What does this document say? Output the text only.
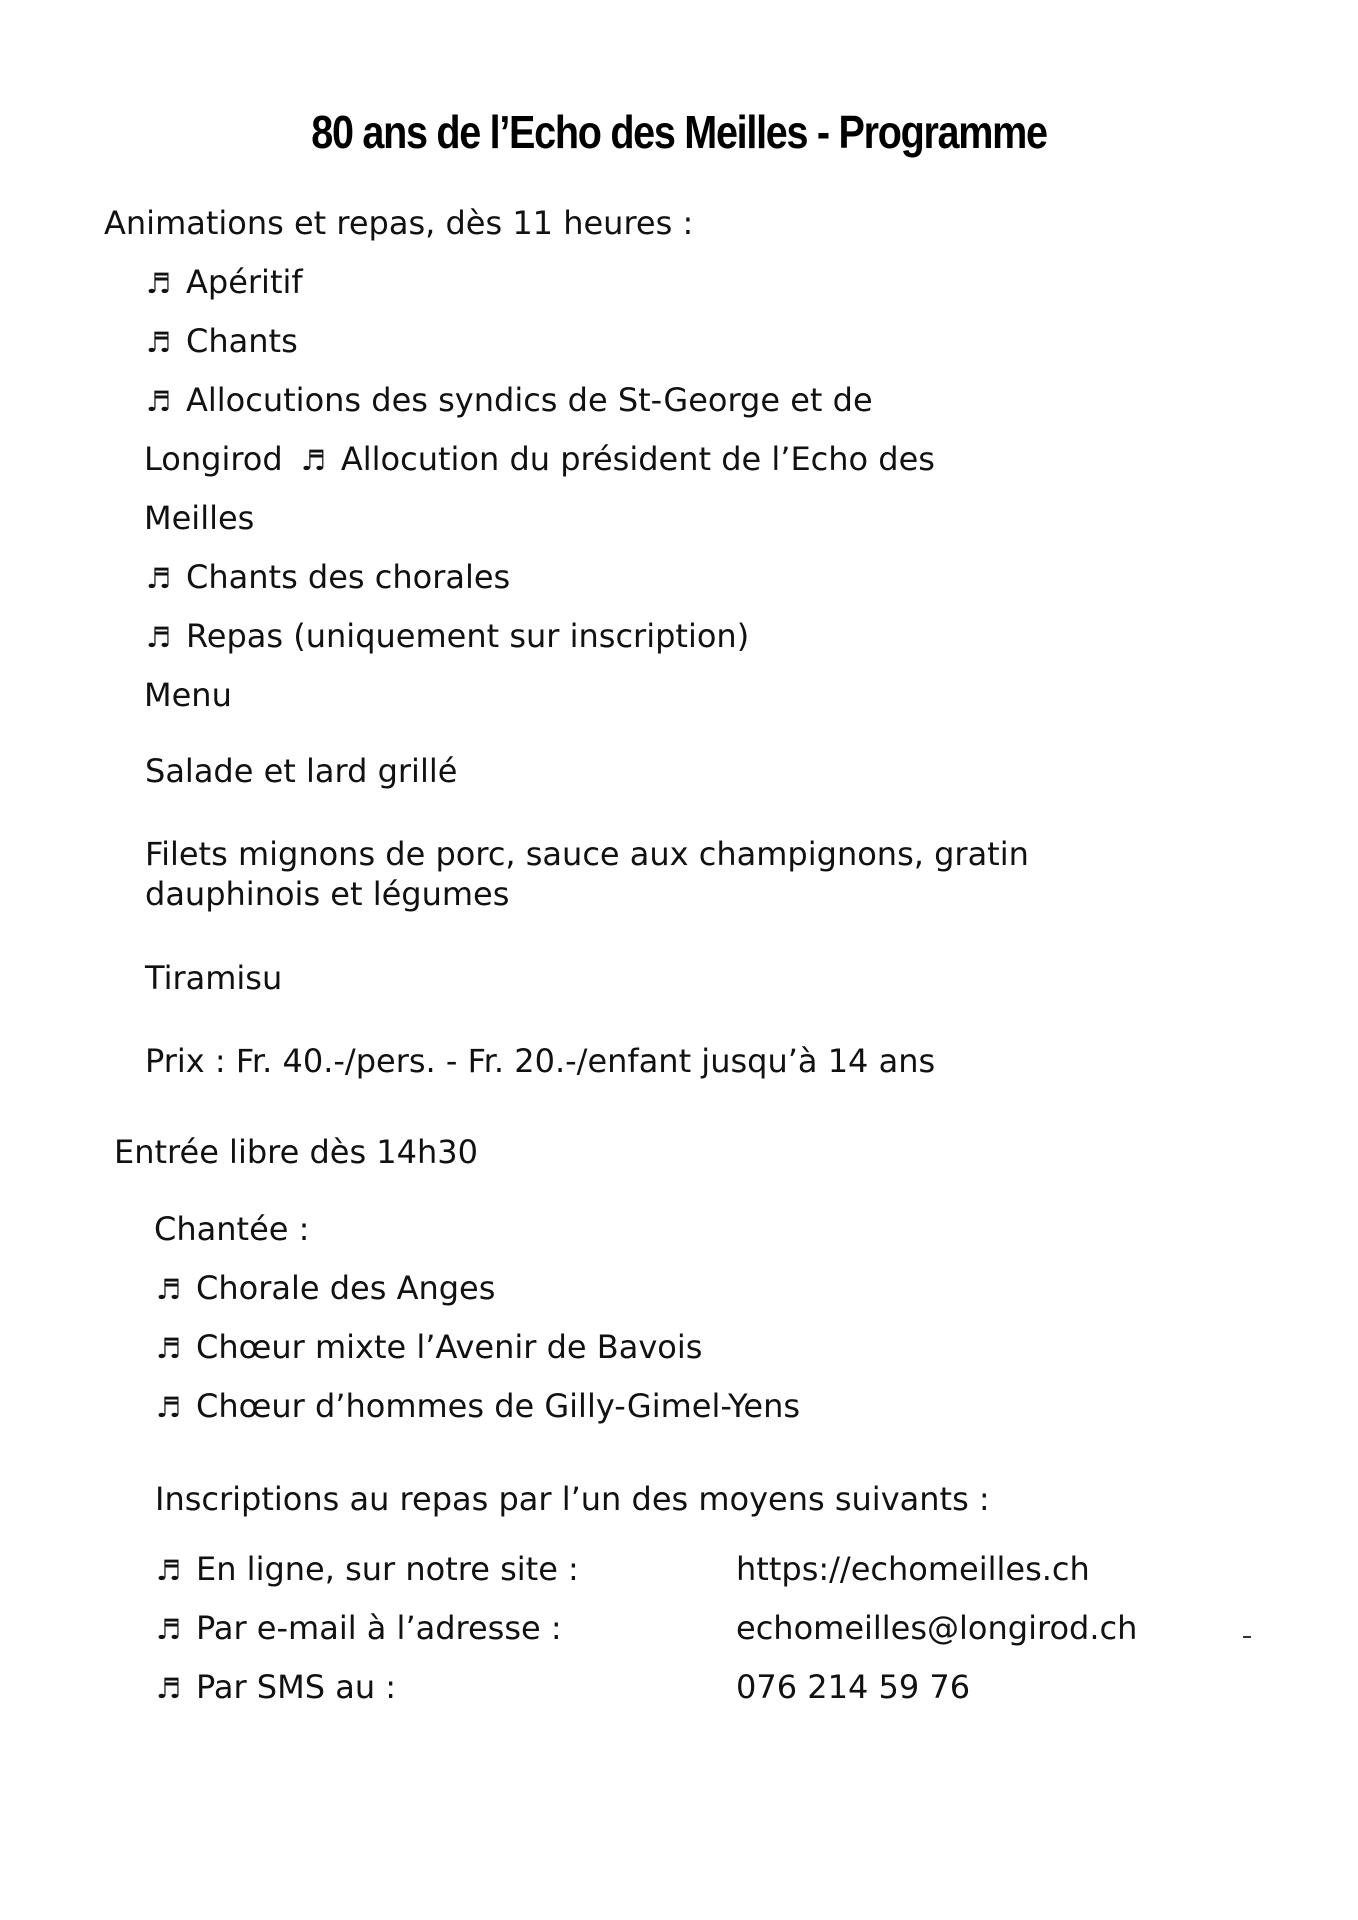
80 ans de l’Echo des Meilles - Programme
Animations et repas, dès 11 heures :
♬ Apéritif
♬ Chants
♬ Allocutions des syndics de St-George et de
Longirod ♬ Allocution du président de l’Echo des
Meilles
♬ Chants des chorales
♬ Repas (uniquement sur inscription)
Menu
Salade et lard grillé
Filets mignons de porc, sauce aux champignons, gratin
dauphinois et légumes
Tiramisu
Prix : Fr. 40.-/pers. - Fr. 20.-/enfant jusqu’à 14 ans
Entrée libre dès 14h30
Chantée :
♬ Chorale des Anges
♬ Chœur mixte l’Avenir de Bavois
♬ Chœur d’hommes de Gilly-Gimel-Yens
Inscriptions au repas par l’un des moyens suivants :
♬ En ligne, sur notre site :	https://echomeilles.ch
♬ Par e-mail à l’adresse :	echomeilles@longirod.ch
♬ Par SMS au :	076 214 59 76
